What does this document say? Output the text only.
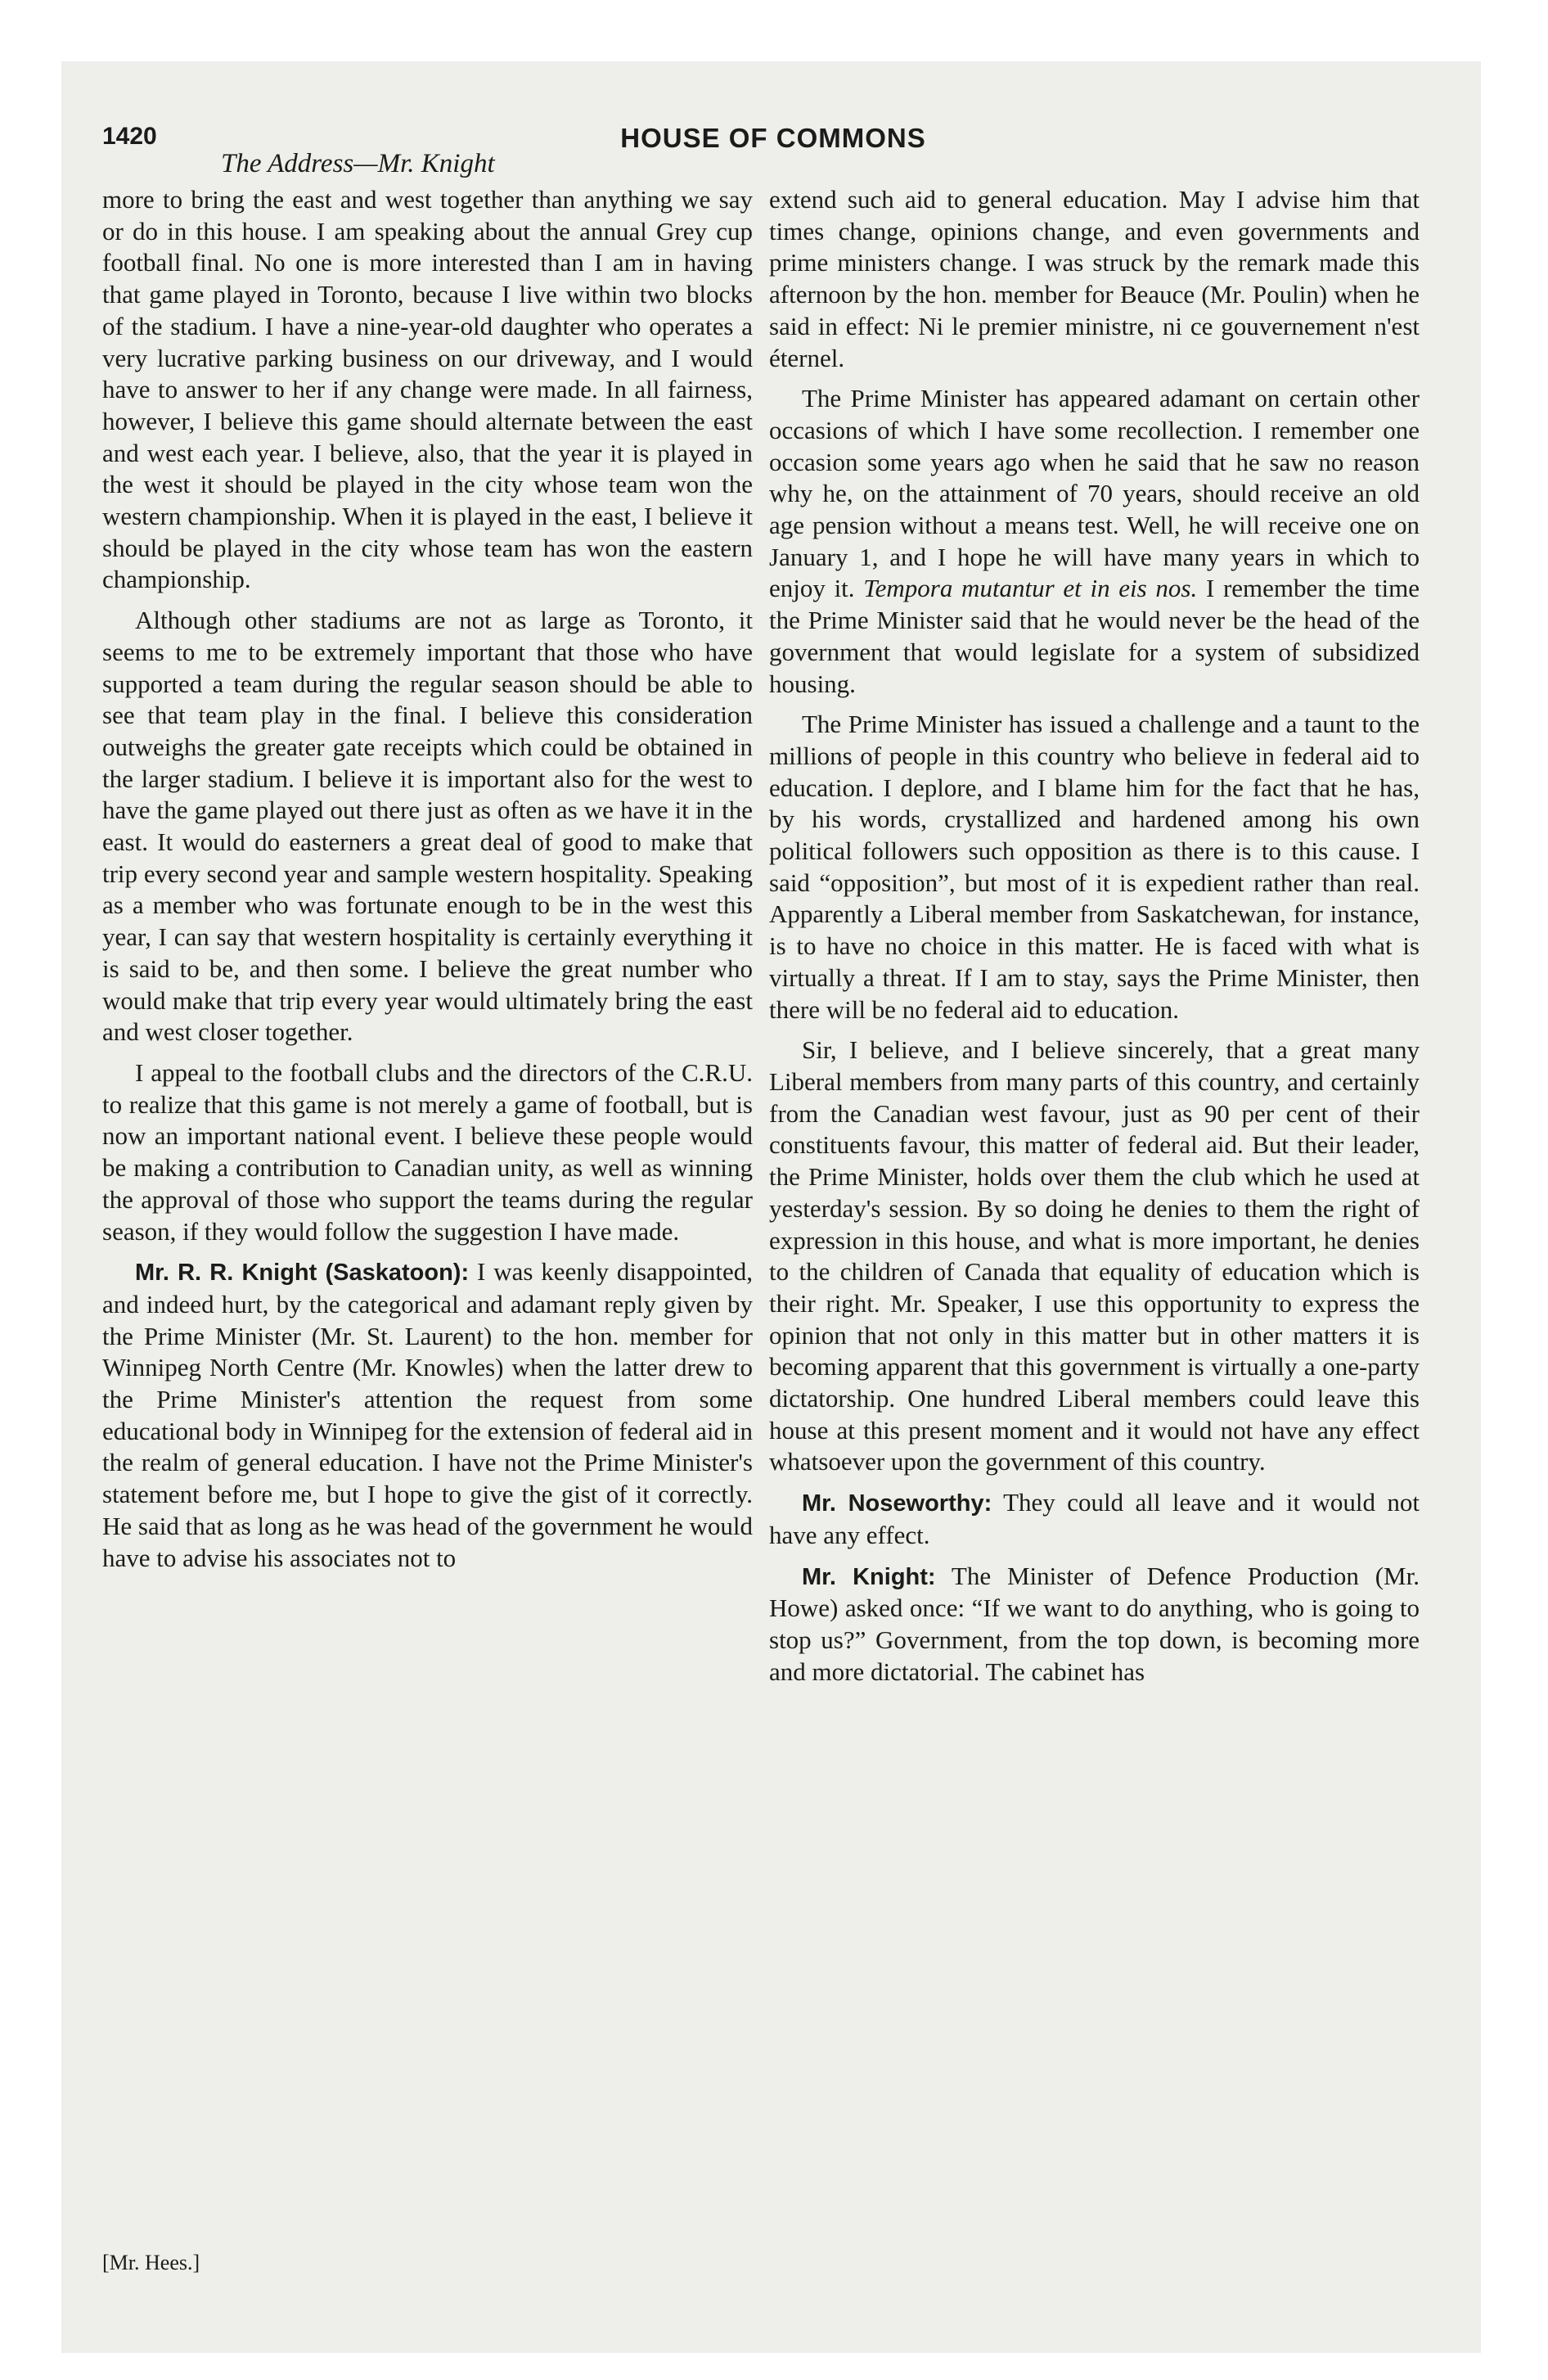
1420	HOUSE OF COMMONS
The Address—Mr. Knight

more to bring the east and west together than anything we say or do in this house. I am speaking about the annual Grey cup football final. No one is more interested than I am in having that game played in Toronto, because I live within two blocks of the stadium. I have a nine-year-old daughter who operates a very lucrative parking business on our driveway, and I would have to answer to her if any change were made. In all fairness, however, I believe this game should alternate between the east and west each year. I believe, also, that the year it is played in the west it should be played in the city whose team won the western championship. When it is played in the east, I believe it should be played in the city whose team has won the eastern championship.

Although other stadiums are not as large as Toronto, it seems to me to be extremely important that those who have supported a team during the regular season should be able to see that team play in the final. I believe this consideration outweighs the greater gate receipts which could be obtained in the larger stadium. I believe it is important also for the west to have the game played out there just as often as we have it in the east. It would do easterners a great deal of good to make that trip every second year and sample western hospitality. Speaking as a member who was fortunate enough to be in the west this year, I can say that western hospitality is certainly everything it is said to be, and then some. I believe the great number who would make that trip every year would ultimately bring the east and west closer together.

I appeal to the football clubs and the directors of the C.R.U. to realize that this game is not merely a game of football, but is now an important national event. I believe these people would be making a contribution to Canadian unity, as well as winning the approval of those who support the teams during the regular season, if they would follow the suggestion I have made.

Mr. R. R. Knight (Saskatoon): I was keenly disappointed, and indeed hurt, by the categorical and adamant reply given by the Prime Minister (Mr. St. Laurent) to the hon. member for Winnipeg North Centre (Mr. Knowles) when the latter drew to the Prime Minister's attention the request from some educational body in Winnipeg for the extension of federal aid in the realm of general education. I have not the Prime Minister's statement before me, but I hope to give the gist of it correctly. He said that as long as he was head of the government he would have to advise his associates not to

extend such aid to general education. May I advise him that times change, opinions change, and even governments and prime ministers change. I was struck by the remark made this afternoon by the hon. member for Beauce (Mr. Poulin) when he said in effect: Ni le premier ministre, ni ce gouvernement n'est éternel.

The Prime Minister has appeared adamant on certain other occasions of which I have some recollection. I remember one occasion some years ago when he said that he saw no reason why he, on the attainment of 70 years, should receive an old age pension without a means test. Well, he will receive one on January 1, and I hope he will have many years in which to enjoy it. Tempora mutantur et in eis nos. I remember the time the Prime Minister said that he would never be the head of the government that would legislate for a system of subsidized housing.

The Prime Minister has issued a challenge and a taunt to the millions of people in this country who believe in federal aid to education. I deplore, and I blame him for the fact that he has, by his words, crystallized and hardened among his own political followers such opposition as there is to this cause. I said “opposition”, but most of it is expedient rather than real. Apparently a Liberal member from Saskatchewan, for instance, is to have no choice in this matter. He is faced with what is virtually a threat. If I am to stay, says the Prime Minister, then there will be no federal aid to education.

Sir, I believe, and I believe sincerely, that a great many Liberal members from many parts of this country, and certainly from the Canadian west favour, just as 90 per cent of their constituents favour, this matter of federal aid. But their leader, the Prime Minister, holds over them the club which he used at yesterday's session. By so doing he denies to them the right of expression in this house, and what is more important, he denies to the children of Canada that equality of education which is their right. Mr. Speaker, I use this opportunity to express the opinion that not only in this matter but in other matters it is becoming apparent that this government is virtually a one-party dictatorship. One hundred Liberal members could leave this house at this present moment and it would not have any effect whatsoever upon the government of this country.

Mr. Noseworthy: They could all leave and it would not have any effect.

Mr. Knight: The Minister of Defence Production (Mr. Howe) asked once: “If we want to do anything, who is going to stop us?” Government, from the top down, is becoming more and more dictatorial. The cabinet has

[Mr. Hees.]
